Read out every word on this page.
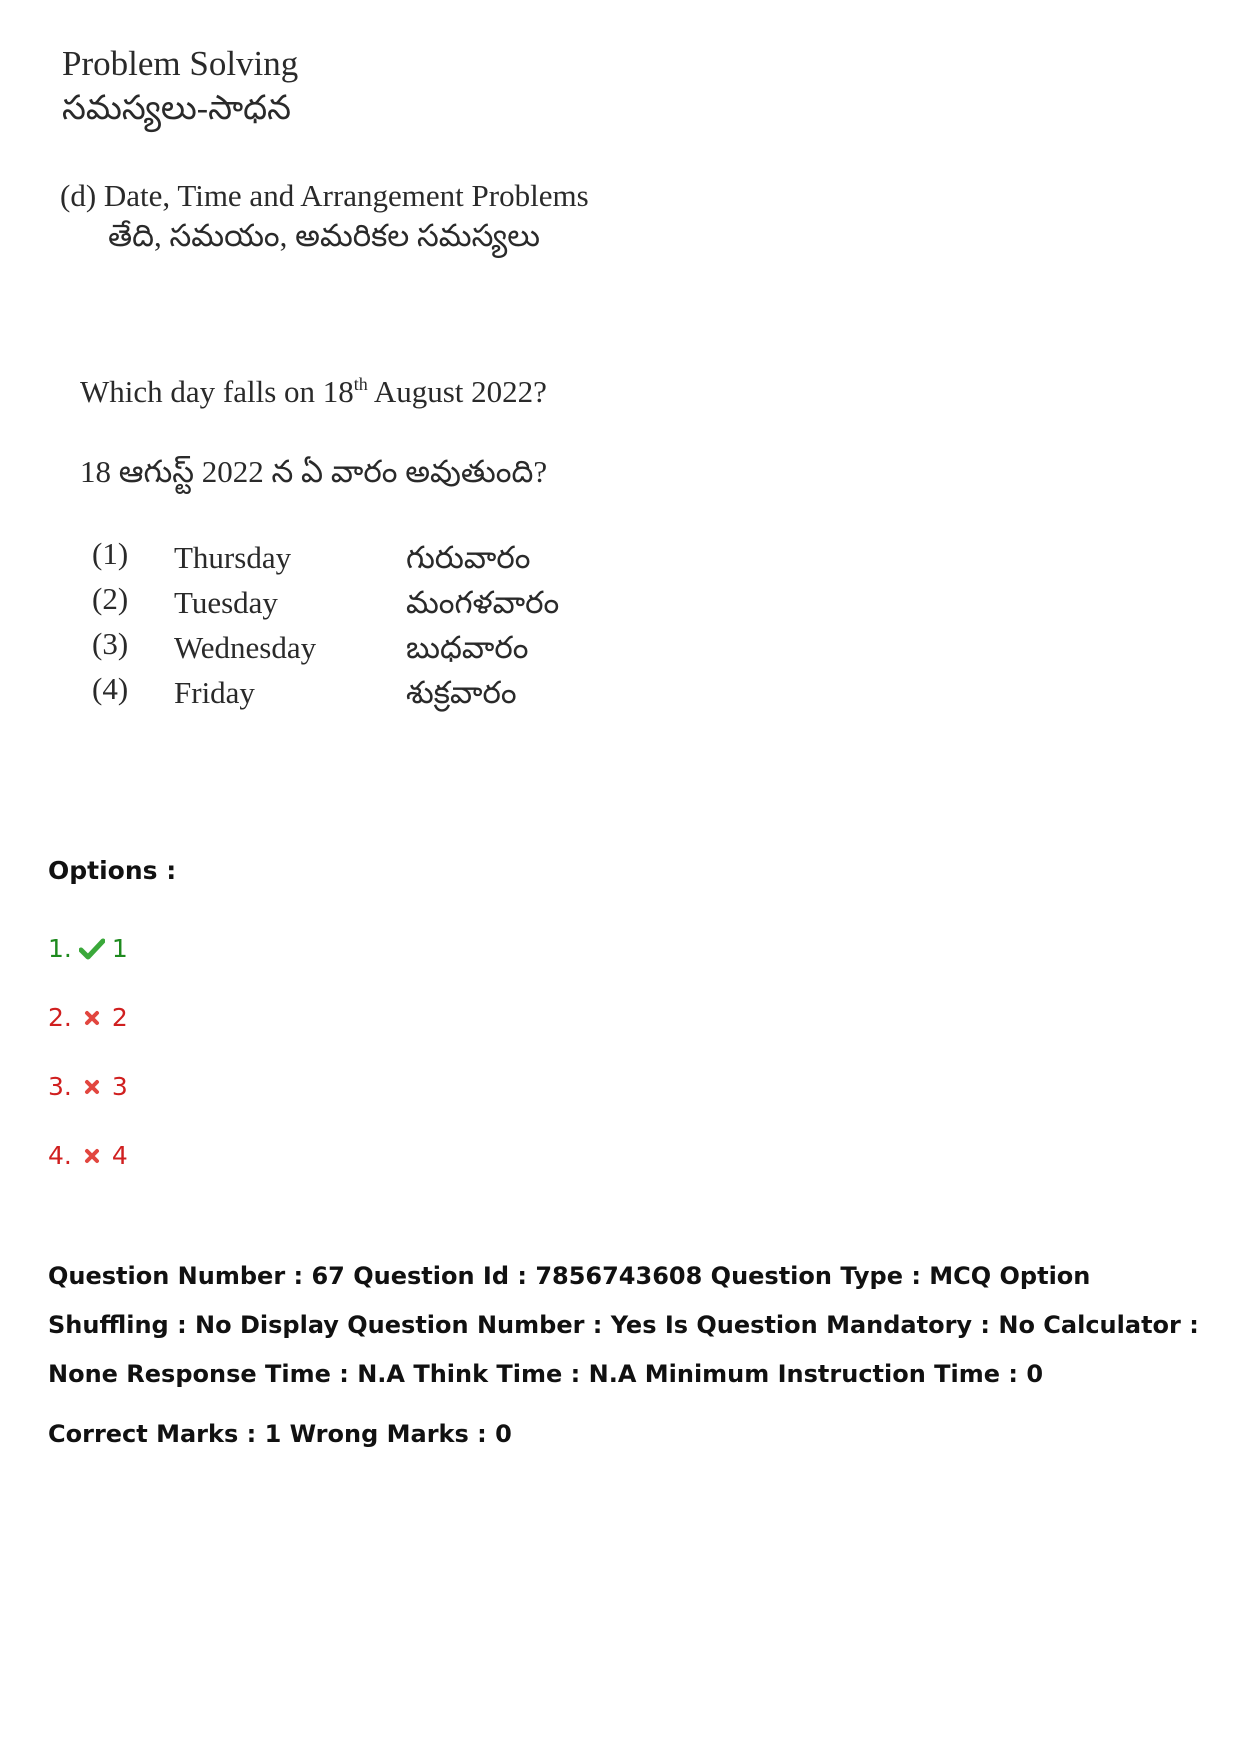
Problem Solving
సమస్యలు-సాధన
(d) Date, Time and Arrangement Problems
తేది, సమయం, అమరికల సమస్యలు
Which day falls on 18th August 2022?
18 ఆగుస్ట్ 2022 న ఏ వారం అవుతుంది?
(1) Thursday	గురువారం
(2) Tuesday	మంగళవారం
(3) Wednesday	బుధవారం
(4) Friday	శుక్రవారం
Options :
1. 1
2. 2
3. 3
4. 4
Question Number : 67 Question Id : 7856743608 Question Type : MCQ Option Shuffling : No Display Question Number : Yes Is Question Mandatory : No Calculator : None Response Time : N.A Think Time : N.A Minimum Instruction Time : 0
Correct Marks : 1 Wrong Marks : 0
